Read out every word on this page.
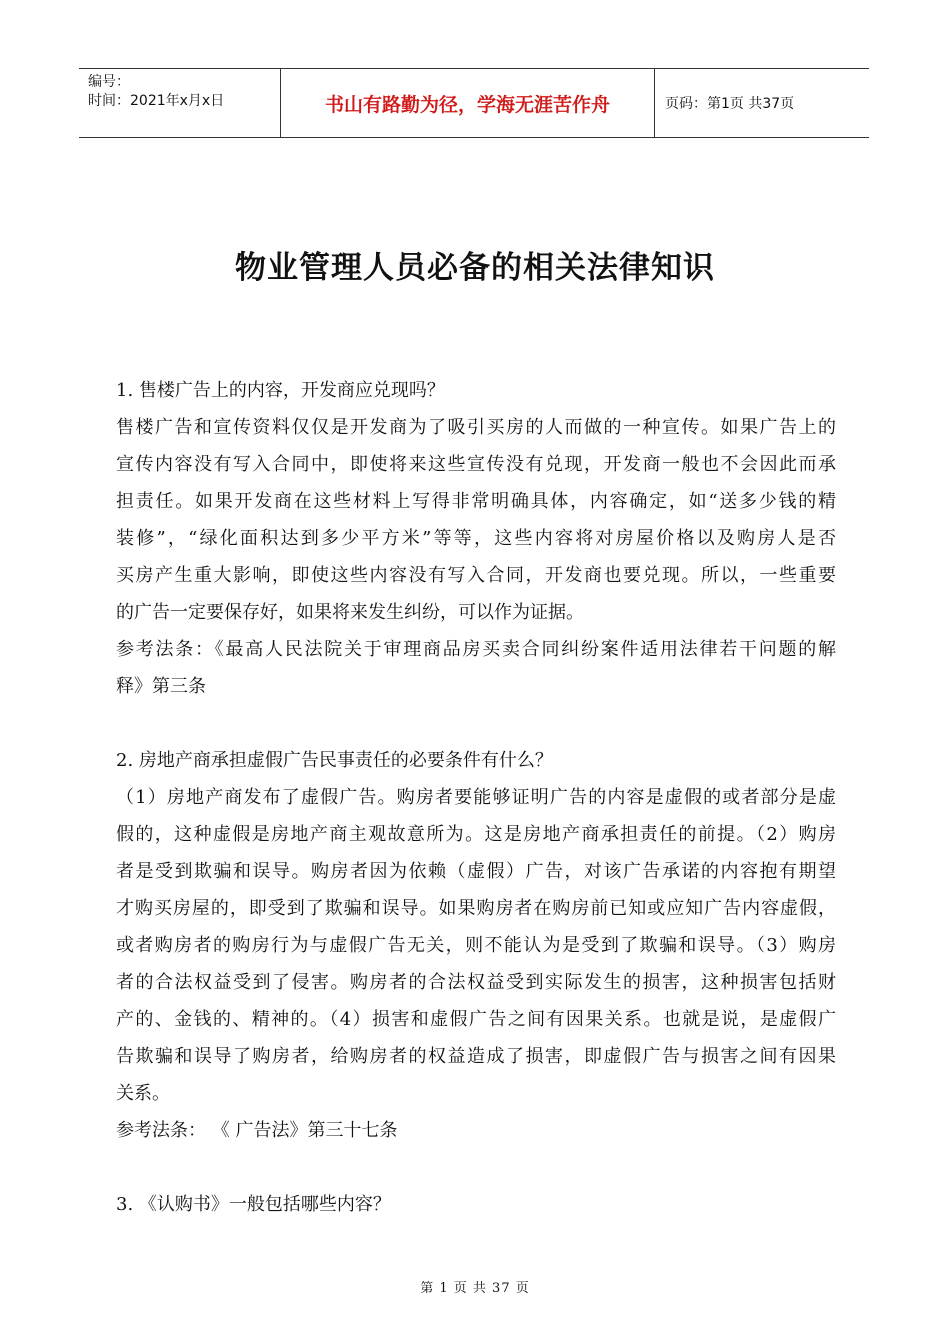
编号：
时间：2021年x月x日	书山有路勤为径，学海无涯苦作舟	页码：第1页 共37页
物业管理人员必备的相关法律知识
1. 售楼广告上的内容，开发商应兑现吗？
售楼广告和宣传资料仅仅是开发商为了吸引买房的人而做的一种宣传。如果广告上的
宣传内容没有写入合同中，即使将来这些宣传没有兑现，开发商一般也不会因此而承
担责任。如果开发商在这些材料上写得非常明确具体，内容确定，如“送多少钱的精
装修”，“绿化面积达到多少平方米”等等，这些内容将对房屋价格以及购房人是否
买房产生重大影响，即使这些内容没有写入合同，开发商也要兑现。所以，一些重要
的广告一定要保存好，如果将来发生纠纷，可以作为证据。
参考法条：《最高人民法院关于审理商品房买卖合同纠纷案件适用法律若干问题的解
释》第三条
2. 房地产商承担虚假广告民事责任的必要条件有什么？
（1）房地产商发布了虚假广告。购房者要能够证明广告的内容是虚假的或者部分是虚
假的，这种虚假是房地产商主观故意所为。这是房地产商承担责任的前提。（2）购房
者是受到欺骗和误导。购房者因为依赖（虚假）广告，对该广告承诺的内容抱有期望
才购买房屋的，即受到了欺骗和误导。如果购房者在购房前已知或应知广告内容虚假，
或者购房者的购房行为与虚假广告无关，则不能认为是受到了欺骗和误导。（3）购房
者的合法权益受到了侵害。购房者的合法权益受到实际发生的损害，这种损害包括财
产的、金钱的、精神的。（4）损害和虚假广告之间有因果关系。也就是说，是虚假广
告欺骗和误导了购房者，给购房者的权益造成了损害，即虚假广告与损害之间有因果
关系。
参考法条： 《 广告法》第三十七条
3. 《认购书》一般包括哪些内容？
第 1 页 共 37 页
